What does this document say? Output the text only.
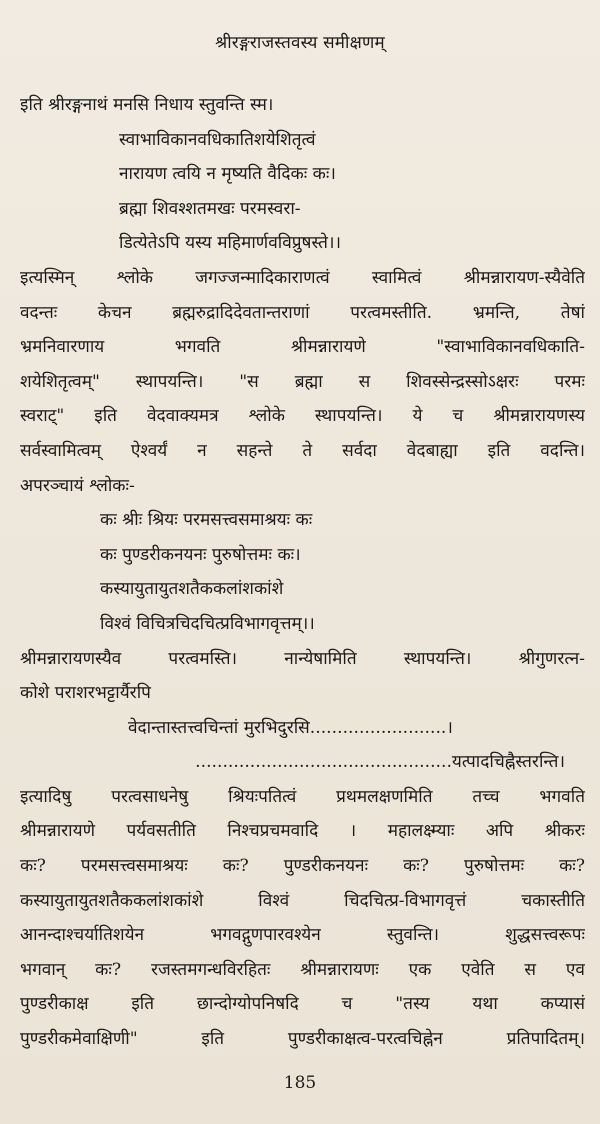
श्रीरङ्गराजस्तवस्य समीक्षणम्
इति श्रीरङ्गनाथं मनसि निधाय स्तुवन्ति स्म।
स्वाभाविकानवधिकातिशयेशितृत्वं
नारायण त्वयि न मृष्यति वैदिकः कः।
ब्रह्मा शिवश्शतमखः परमस्वरा-
डित्येतेऽपि यस्य महिमार्णवविप्रुषस्ते।।
इत्यस्मिन् श्लोके जगज्जन्मादिकाराणत्वं स्वामित्वं श्रीमन्नारायण-स्यैवेति
वदन्तः केचन ब्रह्मरुद्रादिदेवतान्तराणां परत्वमस्तीति. भ्रमन्ति, तेषां
भ्रमनिवारणाय भगवति श्रीमन्नारायणे "स्वाभाविकानवधिकाति-
शयेशितृत्वम्" स्थापयन्ति। "स ब्रह्मा स शिवस्सेन्द्रस्सोऽक्षरः परमः
स्वराट्" इति वेदवाक्यमत्र श्लोके स्थापयन्ति। ये च श्रीमन्नारायणस्य
सर्वस्वामित्वम् ऐश्वर्यं न सहन्ते ते सर्वदा वेदबाह्या इति वदन्ति।
अपरञ्चायं श्लोकः-
कः श्रीः श्रियः परमसत्त्वसमाश्रयः कः
कः पुण्डरीकनयनः पुरुषोत्तमः कः।
कस्यायुतायुतशतैककलांशकांशे
विश्वं विचित्रचिदचित्प्रविभागवृत्तम्।।
श्रीमन्नारायणस्यैव परत्वमस्ति। नान्येषामिति स्थापयन्ति। श्रीगुणरत्न-
कोशे पराशरभट्टार्यैरपि
वेदान्तास्तत्त्वचिन्तां मुरभिदुरसि.........................।
...............................................यत्पादचिह्नैस्तरन्ति।
इत्यादिषु परत्वसाधनेषु श्रियःपतित्वं प्रथमलक्षणमिति तच्च भगवति
श्रीमन्नारायणे पर्यवसतीति निश्चप्रचमवादि । महालक्ष्म्याः अपि श्रीकरः
कः? परमसत्त्वसमाश्रयः कः? पुण्डरीकनयनः कः? पुरुषोत्तमः कः?
कस्यायुतायुतशतैककलांशकांशे विश्वं चिदचित्प्र-विभागवृत्तं चकास्तीति
आनन्दाश्चर्यातिशयेन भगवद्गुणपारवश्येन स्तुवन्ति। शुद्धसत्त्वरूपः
भगवान् कः? रजस्तमगन्धविरहितः श्रीमन्नारायणः एक एवेति स एव
पुण्डरीकाक्ष इति छान्दोग्योपनिषदि च "तस्य यथा कप्यासं
पुण्डरीकमेवाक्षिणी" इति पुण्डरीकाक्षत्व-परत्वचिह्नेन प्रतिपादितम्।
185
